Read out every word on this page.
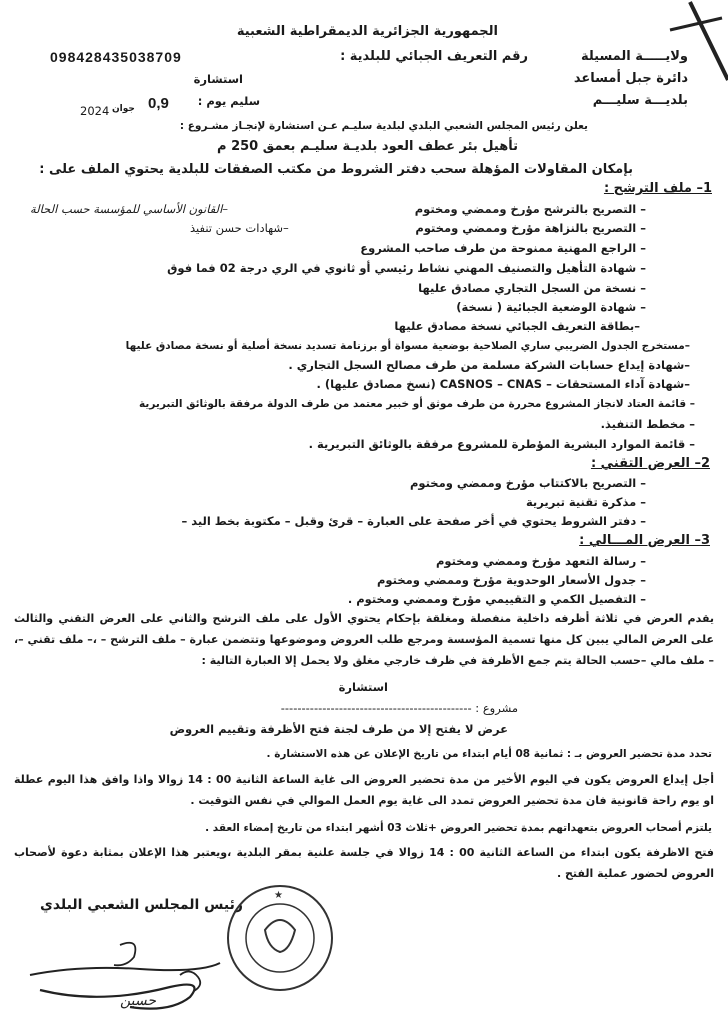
الجمهورية الجزائرية الديمقراطية الشعبية
ولايـــــة المسيلة
رقم التعريف الجبائي للبلدية :
09842843503870‎9
دائرة جبل أمساعد
استشارة
بلديـــة سليـــم
سليم يوم :
0,9
جوان
2024
يعلن رئيس المجلس الشعبي البلدي لبلدية سليـم عـن استشارة لإنجـاز مشـروع :
تأهيل بئر عطف العود بلديـة سليـم بعمق 250 م
بإمكان المقاولات المؤهلة سحب دفتر الشروط من مكتب الصفقات للبلدية يحتوي الملف على :
1– ملف الترشح :
– التصريح بالترشح مؤرخ وممضي ومختوم
–القانون الأساسي للمؤسسة حسب الحالة
– التصريح بالنزاهة مؤرخ وممضي ومختوم
–شهادات حسن تنفيذ
– الراجع المهنية ممنوحة من طرف صاحب المشروع
– شهادة التأهيل والتصنيف المهني نشاط رئيسي أو ثانوي في الري درجة 02 فما فوق
– نسخة من السجل التجاري مصادق عليها
– شهادة الوضعية الجبائية ( نسخة)
–بطاقة التعريف الجبائي نسخة مصادق عليها
–مستخرج الجدول الضريبي ساري الصلاحية بوضعية مسواة أو برزنامة تسديد نسخة أصلية أو نسخة مصادق عليها
–شهادة إيداع حسابات الشركة مسلمة من طرف مصالح السجل التجاري .
–شهادة آداء المستحقات – CASNOS – CNAS (نسخ مصادق عليها) .
– قائمة العتاد لانجاز المشروع محررة من طرف موثق أو خبير معتمد من طرف الدولة مرفقة بالوثائق التبريرية
– مخطط التنفيذ.
– قائمة الموارد البشرية المؤطرة للمشروع مرفقة بالوثائق التبريرية .
2– العرض التقني :
– التصريح بالاكتتاب مؤرخ وممضي ومختوم
– مذكرة تقنية تبريرية
– دفتر الشروط يحتوي في أخر صفحة على العبارة – قرئ وقبل – مكتوبة بخط اليد –
3– العرض المـــالي :
– رسالة التعهد مؤرخ وممضي ومختوم
– جدول الأسعار الوحدوية مؤرخ وممضي ومختوم
– التفصيل الكمي و التقييمي مؤرخ وممضي ومختوم .
يقدم العرض في ثلاثة أظرفه داخلية منفصلة ومغلقة بإحكام يحتوي الأول على ملف الترشح والثاني على العرض التقني والثالث على العرض المالي يبين كل منها تسمية المؤسسة ومرجع طلب العروض وموضوعها وتتضمن عبارة – ملف الترشح – ،– ملف تقني –، – ملف مالي –حسب الحالة يتم جمع الأظرفة في ظرف خارجي مغلق ولا يحمل إلا العبارة التالية :
استشارة
مشروع : ----------------------------------------------
عرض لا يفتح إلا من طرف لجنة فتح الأظرفة وتقييم العروض
تحدد مدة تحضير العروض بـ : ثمانية 08 أيام ابتداء من تاريخ الإعلان عن هذه الاستشارة .
أجل إيداع العروض يكون في اليوم الأخير من مدة تحضير العروض الى غاية الساعة الثانية 00 : 14 زوالا واذا وافق هذا اليوم عطلة او يوم راحة قانونية فان مدة تحضير العروض تمدد الى غاية يوم العمل الموالي في نفس التوقيت .
يلتزم أصحاب العروض بتعهداتهم بمدة تحضير العروض +ثلاث 03 أشهر ابتداء من تاريخ إمضاء العقد .
فتح الاظرفة يكون ابتداء من الساعة الثانية 00 : 14 زوالا في جلسة علنية بمقر البلدية ،ويعتبر هذا الإعلان بمثابة دعوة لأصحاب العروض لحضور عملية الفتح .
رئيس المجلس الشعبي البلدي
★
حسين
